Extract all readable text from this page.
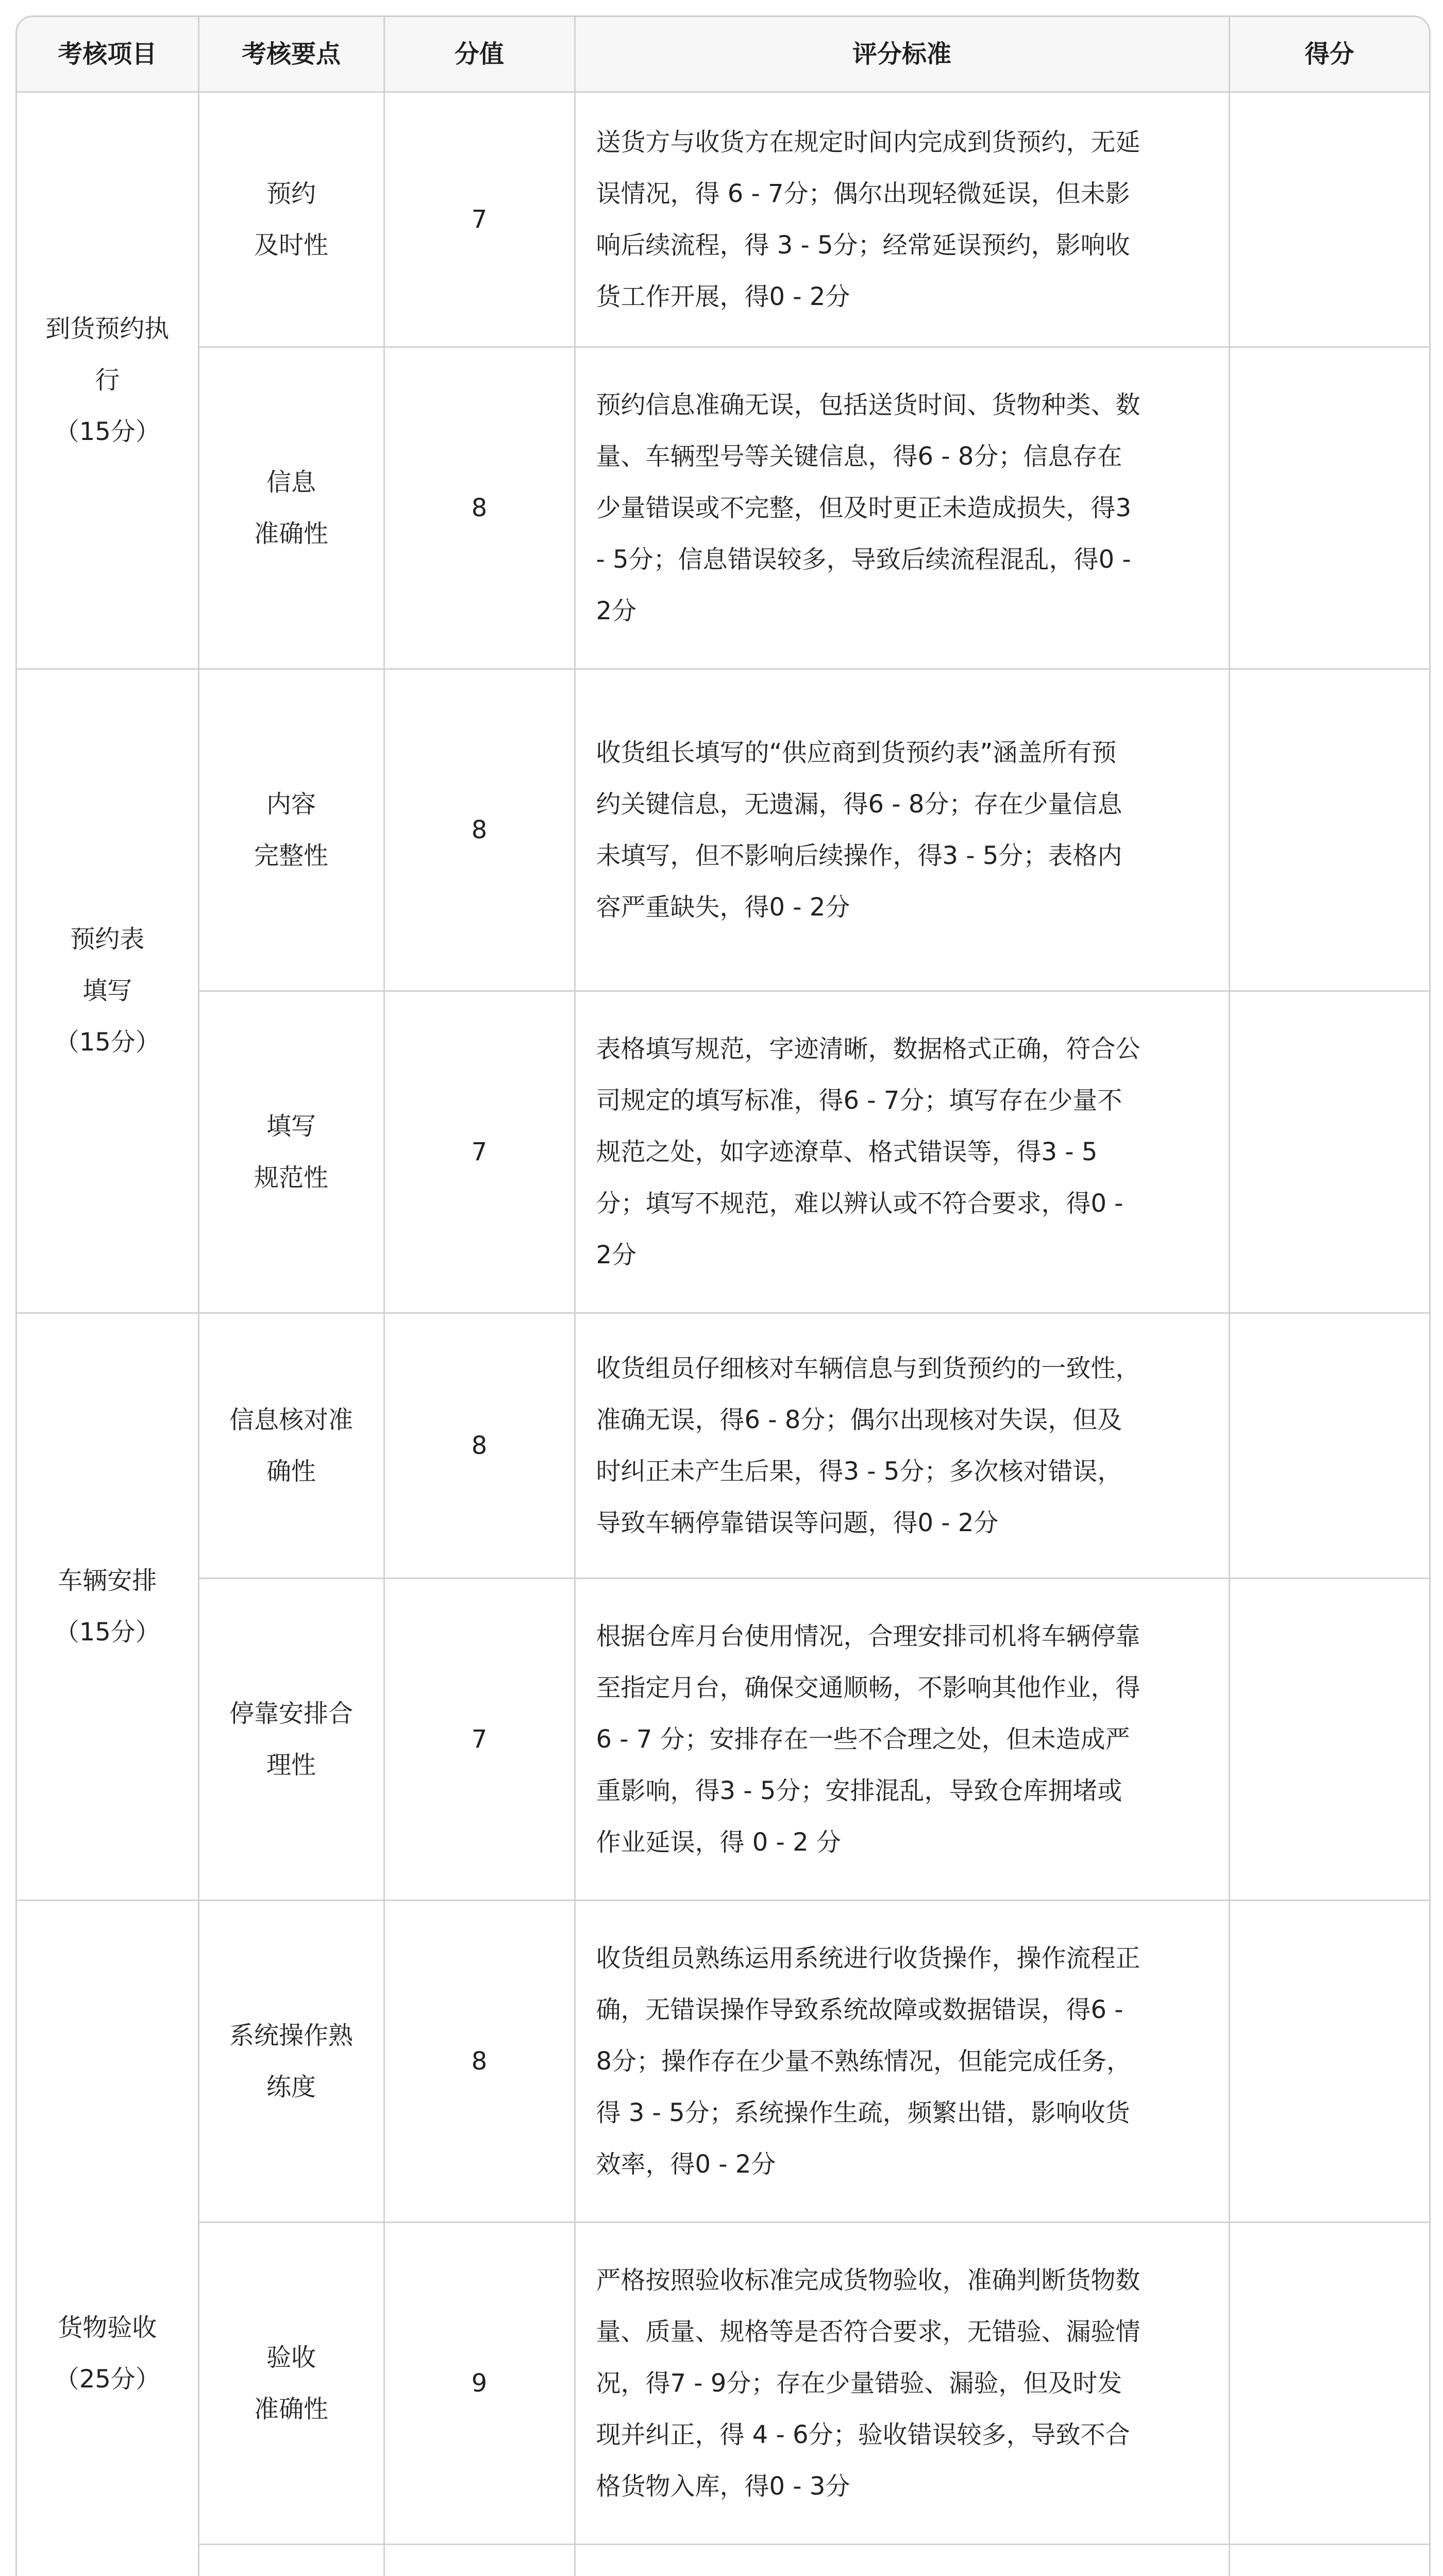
考核项目	考核要点	分值	评分标准	得分

到货预约执
行
（15分）	预约
及时性	7	送货方与收货方在规定时间内完成到货预约，无延
误情况，得 6 - 7分；偶尔出现轻微延误，但未影
响后续流程，得 3 - 5分；经常延误预约，影响收
货工作开展，得0 - 2分	

	信息
准确性	8	预约信息准确无误，包括送货时间、货物种类、数
量、车辆型号等关键信息，得6 - 8分；信息存在
少量错误或不完整，但及时更正未造成损失，得3
- 5分；信息错误较多，导致后续流程混乱，得0 -
2分	

预约表
填写
（15分）	内容
完整性	8	收货组长填写的“供应商到货预约表”涵盖所有预
约关键信息，无遗漏，得6 - 8分；存在少量信息
未填写，但不影响后续操作，得3 - 5分；表格内
容严重缺失，得0 - 2分	

	填写
规范性	7	表格填写规范，字迹清晰，数据格式正确，符合公
司规定的填写标准，得6 - 7分；填写存在少量不
规范之处，如字迹潦草、格式错误等，得3 - 5
分；填写不规范，难以辨认或不符合要求，得0 -
2分	

车辆安排
（15分）	信息核对准
确性	8	收货组员仔细核对车辆信息与到货预约的一致性，
准确无误，得6 - 8分；偶尔出现核对失误，但及
时纠正未产生后果，得3 - 5分；多次核对错误，
导致车辆停靠错误等问题，得0 - 2分	

	停靠安排合
理性	7	根据仓库月台使用情况，合理安排司机将车辆停靠
至指定月台，确保交通顺畅，不影响其他作业，得
6 - 7 分；安排存在一些不合理之处，但未造成严
重影响，得3 - 5分；安排混乱，导致仓库拥堵或
作业延误，得 0 - 2 分	

货物验收
（25分）	系统操作熟
练度	8	收货组员熟练运用系统进行收货操作，操作流程正
确，无错误操作导致系统故障或数据错误，得6 -
8分；操作存在少量不熟练情况，但能完成任务，
得 3 - 5分；系统操作生疏，频繁出错，影响收货
效率，得0 - 2分	

	验收
准确性	9	严格按照验收标准完成货物验收，准确判断货物数
量、质量、规格等是否符合要求，无错验、漏验情
况，得7 - 9分；存在少量错验、漏验，但及时发
现并纠正，得 4 - 6分；验收错误较多，导致不合
格货物入库，得0 - 3分	
